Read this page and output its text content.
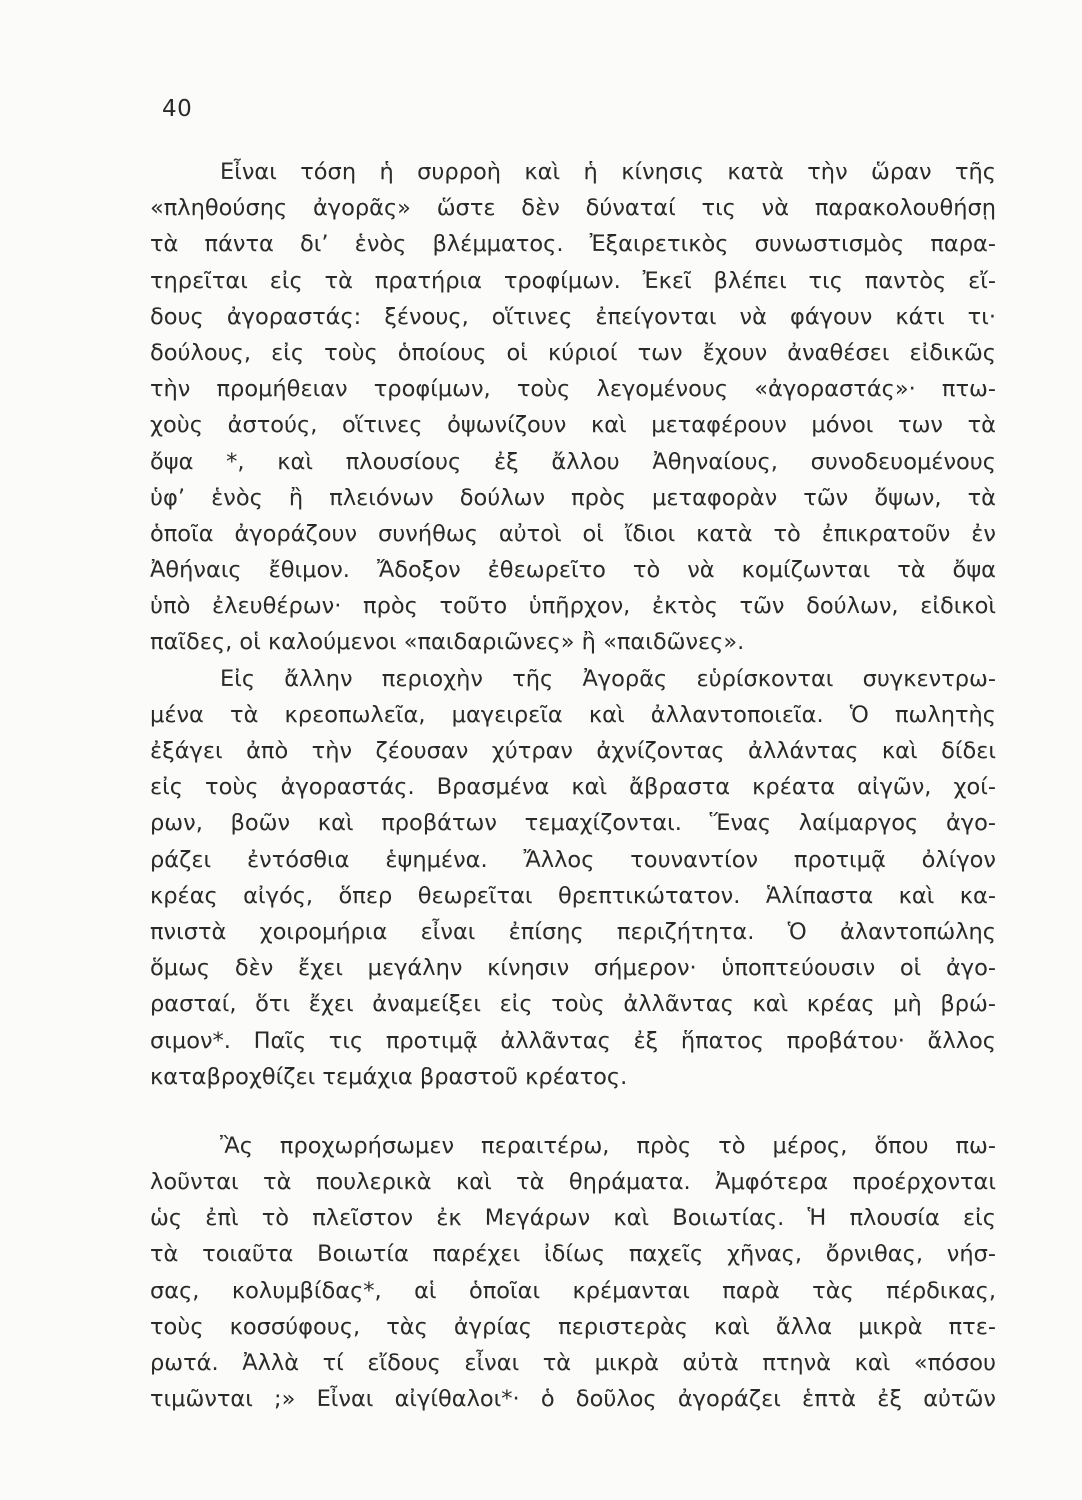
40
Εἶναι τόση ἡ συρροὴ καὶ ἡ κίνησις κατὰ τὴν ὥραν τῆς
«πληθούσης ἀγορᾶς» ὥστε δὲν δύναταί τις νὰ παρακολουθήσῃ
τὰ πάντα δι’ ἑνὸς βλέμματος. Ἐξαιρετικὸς συνωστισμὸς παρα-
τηρεῖται εἰς τὰ πρατήρια τροφίμων. Ἐκεῖ βλέπει τις παντὸς εἴ-
δους ἀγοραστάς: ξένους, οἵτινες ἐπείγονται νὰ φάγουν κάτι τι·
δούλους, εἰς τοὺς ὁποίους οἱ κύριοί των ἔχουν ἀναθέσει εἰδικῶς
τὴν προμήθειαν τροφίμων, τοὺς λεγομένους «ἀγοραστάς»· πτω-
χοὺς ἀστούς, οἵτινες ὀψωνίζουν καὶ μεταφέρουν μόνοι των τὰ
ὄψα *, καὶ πλουσίους ἐξ ἄλλου Ἀθηναίους, συνοδευομένους
ὑφ’ ἑνὸς ἢ πλειόνων δούλων πρὸς μεταφορὰν τῶν ὄψων, τὰ
ὁποῖα ἀγοράζουν συνήθως αὐτοὶ οἱ ἴδιοι κατὰ τὸ ἐπικρατοῦν ἐν
Ἀθήναις ἔθιμον. Ἄδοξον ἐθεωρεῖτο τὸ νὰ κομίζωνται τὰ ὄψα
ὑπὸ ἐλευθέρων· πρὸς τοῦτο ὑπῆρχον, ἐκτὸς τῶν δούλων, εἰδικοὶ
παῖδες, οἱ καλούμενοι «παιδαριῶνες» ἢ «παιδῶνες».
Εἰς ἄλλην περιοχὴν τῆς Ἀγορᾶς εὑρίσκονται συγκεντρω-
μένα τὰ κρεοπωλεῖα, μαγειρεῖα καὶ ἀλλαντοποιεῖα. Ὁ πωλητὴς
ἐξάγει ἀπὸ τὴν ζέουσαν χύτραν ἀχνίζοντας ἀλλάντας καὶ δίδει
εἰς τοὺς ἀγοραστάς. Βρασμένα καὶ ἄβραστα κρέατα αἰγῶν, χοί-
ρων, βοῶν καὶ προβάτων τεμαχίζονται. Ἕνας λαίμαργος ἀγο-
ράζει ἐντόσθια ἑψημένα. Ἄλλος τουναντίον προτιμᾷ ὀλίγον
κρέας αἰγός, ὅπερ θεωρεῖται θρεπτικώτατον. Ἁλίπαστα καὶ κα-
πνιστὰ χοιρομήρια εἶναι ἐπίσης περιζήτητα. Ὁ ἀλαντοπώλης
ὅμως δὲν ἔχει μεγάλην κίνησιν σήμερον· ὑποπτεύουσιν οἱ ἀγο-
ρασταί, ὅτι ἔχει ἀναμείξει εἰς τοὺς ἀλλᾶντας καὶ κρέας μὴ βρώ-
σιμον*. Παῖς τις προτιμᾷ ἀλλᾶντας ἐξ ἥπατος προβάτου· ἄλλος
καταβροχθίζει τεμάχια βραστοῦ κρέατος.
Ἂς προχωρήσωμεν περαιτέρω, πρὸς τὸ μέρος, ὅπου πω-
λοῦνται τὰ πουλερικὰ καὶ τὰ θηράματα. Ἀμφότερα προέρχονται
ὡς ἐπὶ τὸ πλεῖστον ἐκ Μεγάρων καὶ Βοιωτίας. Ἡ πλουσία εἰς
τὰ τοιαῦτα Βοιωτία παρέχει ἰδίως παχεῖς χῆνας, ὄρνιθας, νήσ-
σας, κολυμβίδας*, αἱ ὁποῖαι κρέμανται παρὰ τὰς πέρδικας,
τοὺς κοσσύφους, τὰς ἀγρίας περιστερὰς καὶ ἄλλα μικρὰ πτε-
ρωτά. Ἀλλὰ τί εἴδους εἶναι τὰ μικρὰ αὐτὰ πτηνὰ καὶ «πόσου
τιμῶνται ;» Εἶναι αἰγίθαλοι*· ὁ δοῦλος ἀγοράζει ἑπτὰ ἐξ αὐτῶν
